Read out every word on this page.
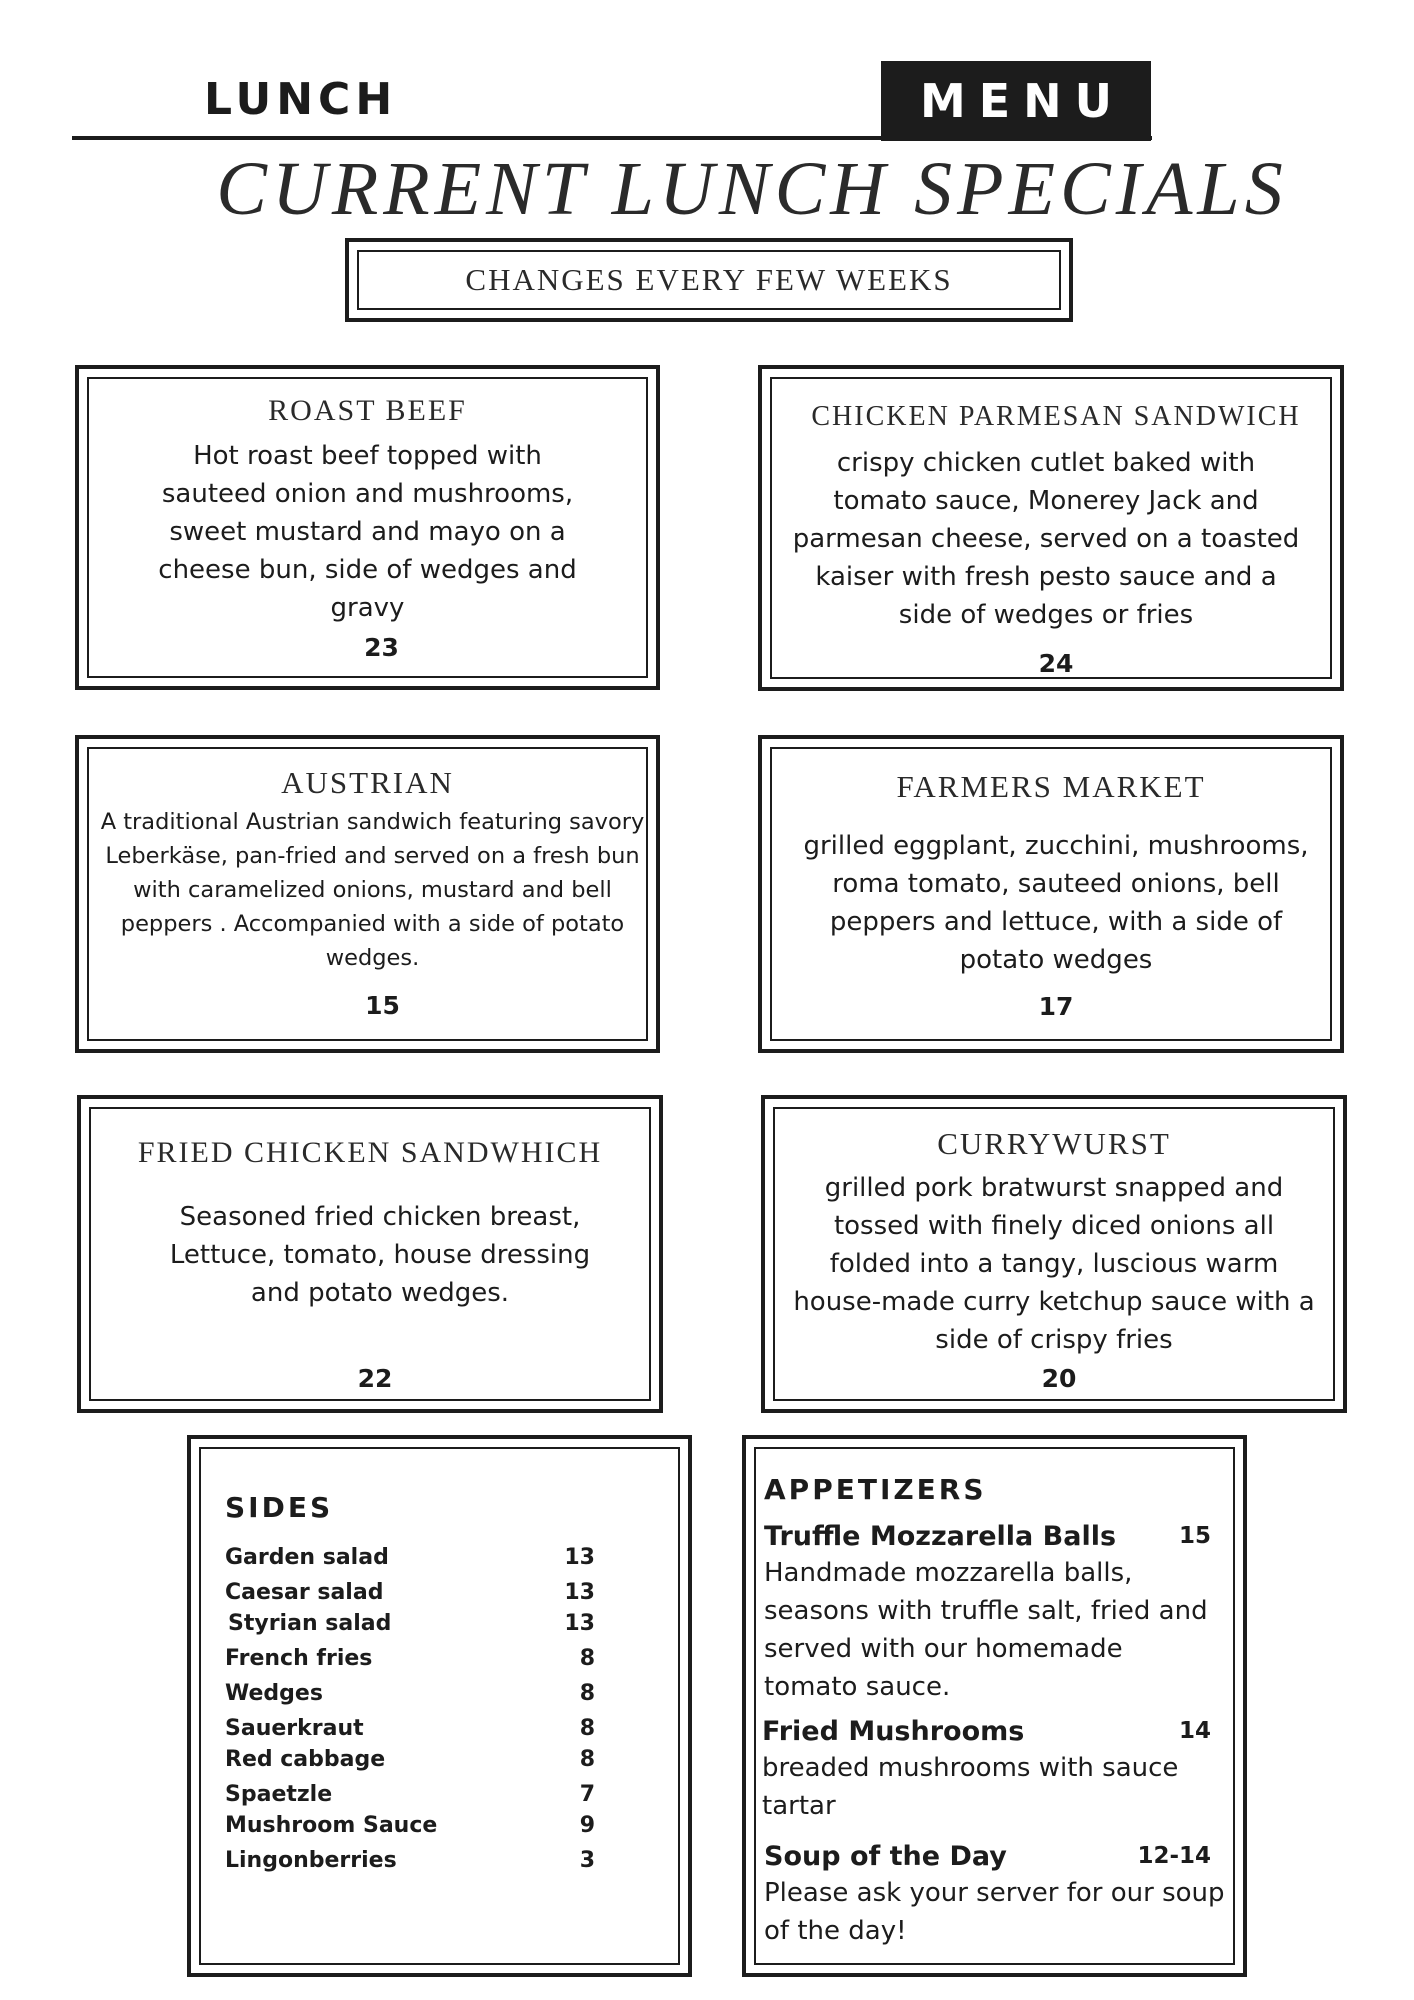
LUNCH	MENU
CURRENT LUNCH SPECIALS
CHANGES EVERY FEW WEEKS
ROAST BEEF
Hot roast beef topped with sauteed onion and mushrooms, sweet mustard and mayo on a cheese bun, side of wedges and gravy
23
CHICKEN PARMESAN SANDWICH
crispy chicken cutlet baked with tomato sauce, Monerey Jack and parmesan cheese, served on a toasted kaiser with fresh pesto sauce and a side of wedges or fries
24
AUSTRIAN
A traditional Austrian sandwich featuring savory Leberkäse, pan-fried and served on a fresh bun with caramelized onions, mustard and bell peppers . Accompanied with a side of potato wedges.
15
FARMERS MARKET
grilled eggplant, zucchini, mushrooms, roma tomato, sauteed onions, bell peppers and lettuce, with a side of potato wedges
17
FRIED CHICKEN SANDWHICH
Seasoned fried chicken breast, Lettuce, tomato, house dressing and potato wedges.
22
CURRYWURST
grilled pork bratwurst snapped and tossed with finely diced onions all folded into a tangy, luscious warm house-made curry ketchup sauce with a side of crispy fries
20
SIDES
Garden salad	13
Caesar salad	13
Styrian salad	13
French fries	8
Wedges	8
Sauerkraut	8
Red cabbage	8
Spaetzle	7
Mushroom Sauce	9
Lingonberries	3
APPETIZERS
Truffle Mozzarella Balls	15
Handmade mozzarella balls, seasons with truffle salt, fried and served with our homemade tomato sauce.
Fried Mushrooms	14
breaded mushrooms with sauce tartar
Soup of the Day	12-14
Please ask your server for our soup of the day!
